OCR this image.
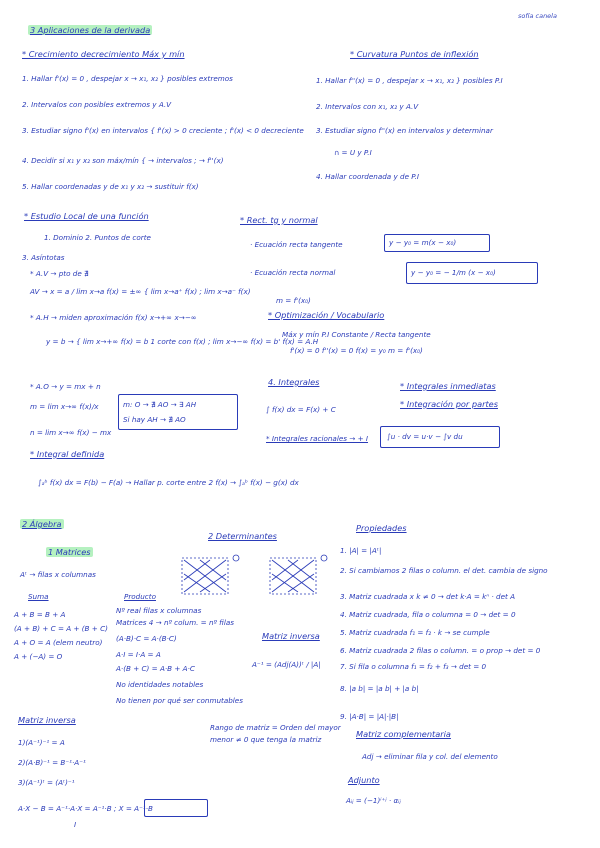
sofía canela
3 Aplicaciones de la derivada
* Crecimiento decrecimiento Máx y mín
1. Hallar f'(x) = 0 , despejar x → x₁, x₂ } posibles extremos
2. Intervalos con posibles extremos y A.V
3. Estudiar signo f'(x) en intervalos { f'(x) > 0 creciente ; f'(x) < 0 decreciente
4. Decidir si x₁ y x₂ son máx/mín { → intervalos ; → f''(x)
5. Hallar coordenadas y de x₁ y x₂ → sustituir f(x)
* Estudio Local de una función
1. Dominio 2. Puntos de corte
3. Asíntotas
* A.V → pto de ∄
AV → x = a / lim x→a f(x) = ±∞ { lim x→a⁺ f(x) ; lim x→a⁻ f(x)
* A.H → miden aproximación f(x) x→+∞ x→−∞
y = b → { lim x→+∞ f(x) = b 1 corte con f(x) ; lim x→−∞ f(x) = b' f(x) = A.H
* A.O → y = mx + n
m = lim x→∞ f(x)/x
n = lim x→∞ f(x) − mx
* Integral definida
∫ₐᵇ f(x) dx = F(b) − F(a) → Hallar p. corte entre 2 f(x) → ∫ₐᵇ f(x) − g(x) dx
m: O → ∄ AO → ∃ AH
Si hay AH → ∄ AO
* Curvatura Puntos de inflexión
1. Hallar f''(x) = 0 , despejar x → x₁, x₂ } posibles P.I
2. Intervalos con x₁, x₂ y A.V
3. Estudiar signo f''(x) en intervalos y determinar
∩ = U y P.I
4. Hallar coordenada y de P.I
* Rect. tg y normal
· Ecuación recta tangente
· Ecuación recta normal
m = f'(x₀)
* Optimización / Vocabulario
Máx y mín P.I Constante / Recta tangente
f'(x) = 0 f''(x) = 0 f(x) = y₀ m = f'(x₀)
4. Integrales
∫ f(x) dx = F(x) + C
* Integrales inmediatas
* Integración por partes
* Integrales racionales → + I
y − y₀ = m(x − x₀)
y − y₀ = − 1/m (x − x₀)
∫u · dv = u·v − ∫v du
2 Álgebra
1 Matrices
Aᵗ → filas x columnas
Suma
A + B = B + A
(A + B) + C = A + (B + C)
A + O = A (elem neutro)
A + (−A) = O
Producto
Nº real filas x columnas
Matrices 4 → nº colum. = nº filas
(A·B)·C = A·(B·C)
A·I = I·A = A
A·(B + C) = A·B + A·C
No identidades notables
No tienen por qué ser conmutables
Matriz inversa
1)(A⁻¹)⁻¹ = A
2)(A·B)⁻¹ = B⁻¹·A⁻¹
3)(A⁻¹)ᵗ = (Aᵗ)⁻¹
A·X − B = A⁻¹·A·X = A⁻¹·B ; X = A⁻¹·B
I
2 Determinantes
Matriz inversa
A⁻¹ = (Adj(A))ᵗ / |A|
Rango de matriz = Orden del mayor menor ≠ 0 que tenga la matriz
Propiedades
1. |A| = |Aᵗ|
2. Si cambiamos 2 filas o column. el det. cambia de signo
3. Matriz cuadrada x k ≠ 0 → det k·A = kⁿ · det A
4. Matriz cuadrada, fila o columna = 0 → det = 0
5. Matriz cuadrada f₁ = f₂ · k → se cumple
6. Matriz cuadrada 2 filas o column. = o prop → det = 0
7. Si fila o columna f₁ = f₂ + f₃ → det = 0
8. |a b| = |a b| + |a b|
9. |A·B| = |A|·|B|
Matriz complementaria
Adj → eliminar fila y col. del elemento
Adjunto
Aᵢⱼ = (−1)ⁱ⁺ʲ · αᵢⱼ
